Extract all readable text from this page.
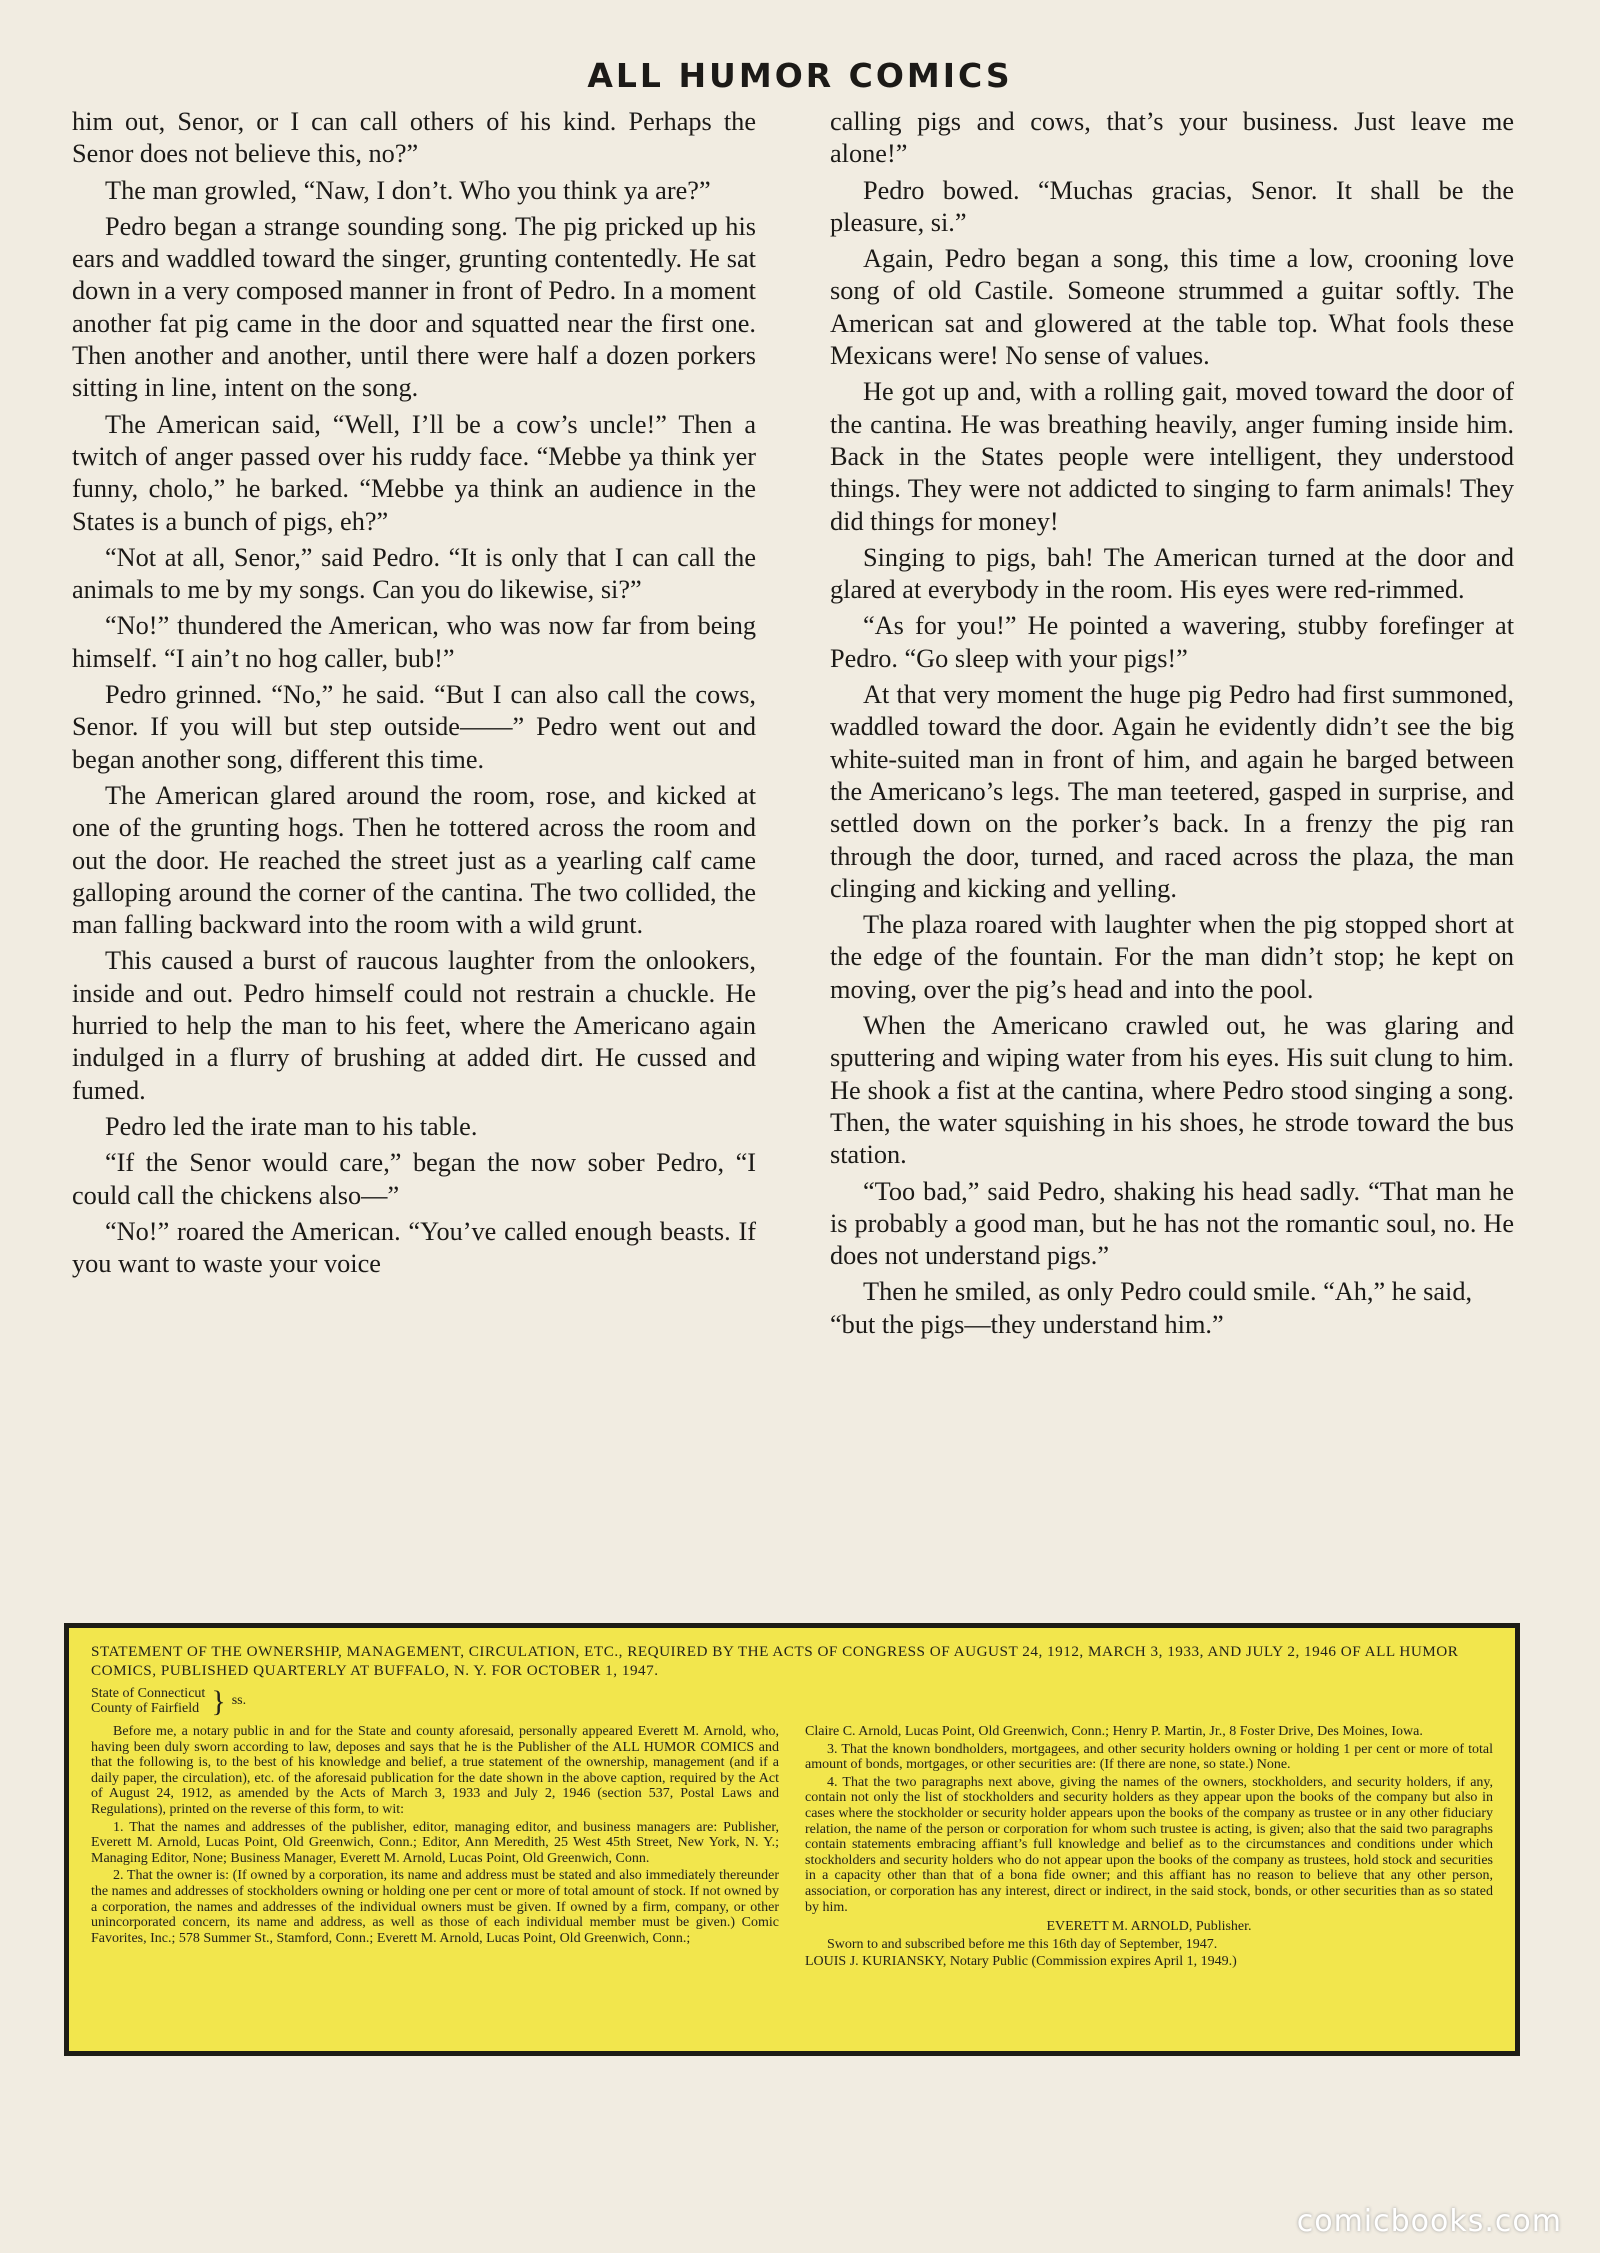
ALL HUMOR COMICS

him out, Senor, or I can call others of his kind. Perhaps the Senor does not believe this, no?”

The man growled, “Naw, I don’t. Who you think ya are?”

Pedro began a strange sounding song. The pig pricked up his ears and waddled toward the singer, grunting contentedly. He sat down in a very composed manner in front of Pedro. In a moment another fat pig came in the door and squatted near the first one. Then another and another, until there were half a dozen porkers sitting in line, intent on the song.

The American said, “Well, I’ll be a cow’s uncle!” Then a twitch of anger passed over his ruddy face. “Mebbe ya think yer funny, cholo,” he barked. “Mebbe ya think an audience in the States is a bunch of pigs, eh?”

“Not at all, Senor,” said Pedro. “It is only that I can call the animals to me by my songs. Can you do likewise, si?”

“No!” thundered the American, who was now far from being himself. “I ain’t no hog caller, bub!”

Pedro grinned. “No,” he said. “But I can also call the cows, Senor. If you will but step outside——” Pedro went out and began another song, different this time.

The American glared around the room, rose, and kicked at one of the grunting hogs. Then he tottered across the room and out the door. He reached the street just as a yearling calf came galloping around the corner of the cantina. The two collided, the man falling backward into the room with a wild grunt.

This caused a burst of raucous laughter from the onlookers, inside and out. Pedro himself could not restrain a chuckle. He hurried to help the man to his feet, where the Americano again indulged in a flurry of brushing at added dirt. He cussed and fumed.

Pedro led the irate man to his table.

“If the Senor would care,” began the now sober Pedro, “I could call the chickens also—”

“No!” roared the American. “You’ve called enough beasts. If you want to waste your voice

calling pigs and cows, that’s your business. Just leave me alone!”

Pedro bowed. “Muchas gracias, Senor. It shall be the pleasure, si.”

Again, Pedro began a song, this time a low, crooning love song of old Castile. Someone strummed a guitar softly. The American sat and glowered at the table top. What fools these Mexicans were! No sense of values.

He got up and, with a rolling gait, moved toward the door of the cantina. He was breathing heavily, anger fuming inside him. Back in the States people were intelligent, they understood things. They were not addicted to singing to farm animals! They did things for money!

Singing to pigs, bah! The American turned at the door and glared at everybody in the room. His eyes were red-rimmed.

“As for you!” He pointed a wavering, stubby forefinger at Pedro. “Go sleep with your pigs!”

At that very moment the huge pig Pedro had first summoned, waddled toward the door. Again he evidently didn’t see the big white-suited man in front of him, and again he barged between the Americano’s legs. The man teetered, gasped in surprise, and settled down on the porker’s back. In a frenzy the pig ran through the door, turned, and raced across the plaza, the man clinging and kicking and yelling.

The plaza roared with laughter when the pig stopped short at the edge of the fountain. For the man didn’t stop; he kept on moving, over the pig’s head and into the pool.

When the Americano crawled out, he was glaring and sputtering and wiping water from his eyes. His suit clung to him. He shook a fist at the cantina, where Pedro stood singing a song. Then, the water squishing in his shoes, he strode toward the bus station.

“Too bad,” said Pedro, shaking his head sadly. “That man he is probably a good man, but he has not the romantic soul, no. He does not understand pigs.”

Then he smiled, as only Pedro could smile. “Ah,” he said, “but the pigs—they understand him.”

STATEMENT OF THE OWNERSHIP, MANAGEMENT, CIRCULATION, ETC., REQUIRED BY THE ACTS OF CONGRESS OF AUGUST 24, 1912, MARCH 3, 1933, AND JULY 2, 1946 OF ALL HUMOR COMICS, PUBLISHED QUARTERLY AT BUFFALO, N. Y. FOR OCTOBER 1, 1947.
State of Connecticut
County of Fairfield } ss.

Before me, a notary public in and for the State and county aforesaid, personally appeared Everett M. Arnold, who, having been duly sworn according to law, deposes and says that he is the Publisher of the ALL HUMOR COMICS and that the following is, to the best of his knowledge and belief, a true statement of the ownership, management (and if a daily paper, the circulation), etc. of the aforesaid publication for the date shown in the above caption, required by the Act of August 24, 1912, as amended by the Acts of March 3, 1933 and July 2, 1946 (section 537, Postal Laws and Regulations), printed on the reverse of this form, to wit:

1. That the names and addresses of the publisher, editor, managing editor, and business managers are: Publisher, Everett M. Arnold, Lucas Point, Old Greenwich, Conn.; Editor, Ann Meredith, 25 West 45th Street, New York, N. Y.; Managing Editor, None; Business Manager, Everett M. Arnold, Lucas Point, Old Greenwich, Conn.

2. That the owner is: (If owned by a corporation, its name and address must be stated and also immediately thereunder the names and addresses of stockholders owning or holding one per cent or more of total amount of stock. If not owned by a corporation, the names and addresses of the individual owners must be given. If owned by a firm, company, or other unincorporated concern, its name and address, as well as those of each individual member must be given.) Comic Favorites, Inc.; 578 Summer St., Stamford, Conn.; Everett M. Arnold, Lucas Point, Old Greenwich, Conn.;

Claire C. Arnold, Lucas Point, Old Greenwich, Conn.; Henry P. Martin, Jr., 8 Foster Drive, Des Moines, Iowa.

3. That the known bondholders, mortgagees, and other security holders owning or holding 1 per cent or more of total amount of bonds, mortgages, or other securities are: (If there are none, so state.) None.

4. That the two paragraphs next above, giving the names of the owners, stockholders, and security holders, if any, contain not only the list of stockholders and security holders as they appear upon the books of the company but also in cases where the stockholder or security holder appears upon the books of the company as trustee or in any other fiduciary relation, the name of the person or corporation for whom such trustee is acting, is given; also that the said two paragraphs contain statements embracing affiant’s full knowledge and belief as to the circumstances and conditions under which stockholders and security holders who do not appear upon the books of the company as trustees, hold stock and securities in a capacity other than that of a bona fide owner; and this affiant has no reason to believe that any other person, association, or corporation has any interest, direct or indirect, in the said stock, bonds, or other securities than as so stated by him.

EVERETT M. ARNOLD, Publisher.

Sworn to and subscribed before me this 16th day of September, 1947.

LOUIS J. KURIANSKY, Notary Public (Commission expires April 1, 1949.)

comicbooks.com
